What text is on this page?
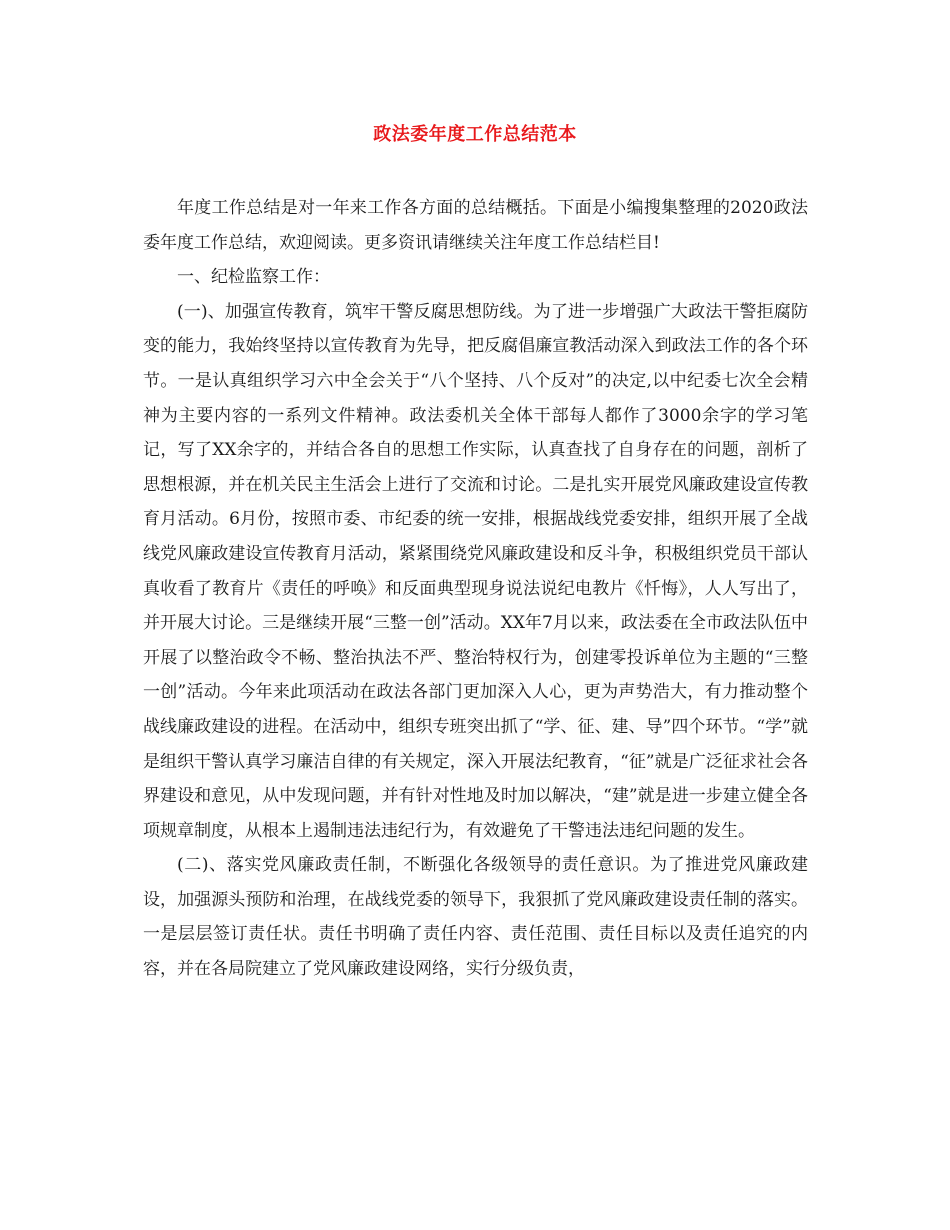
政法委年度工作总结范本

年度工作总结是对一年来工作各方面的总结概括。下面是小编搜集整理的2020政法委年度工作总结，欢迎阅读。更多资讯请继续关注年度工作总结栏目!

一、纪检监察工作：

(一)、加强宣传教育，筑牢干警反腐思想防线。为了进一步增强广大政法干警拒腐防变的能力，我始终坚持以宣传教育为先导，把反腐倡廉宣教活动深入到政法工作的各个环节。一是认真组织学习六中全会关于“八个坚持、八个反对”的决定,以中纪委七次全会精神为主要内容的一系列文件精神。政法委机关全体干部每人都作了3000余字的学习笔记，写了XX余字的，并结合各自的思想工作实际，认真查找了自身存在的问题，剖析了思想根源，并在机关民主生活会上进行了交流和讨论。二是扎实开展党风廉政建设宣传教育月活动。6月份，按照市委、市纪委的统一安排，根据战线党委安排，组织开展了全战线党风廉政建设宣传教育月活动，紧紧围绕党风廉政建设和反斗争，积极组织党员干部认真收看了教育片《责任的呼唤》和反面典型现身说法说纪电教片《忏悔》，人人写出了，并开展大讨论。三是继续开展“三整一创”活动。XX年7月以来，政法委在全市政法队伍中开展了以整治政令不畅、整治执法不严、整治特权行为，创建零投诉单位为主题的“三整一创”活动。今年来此项活动在政法各部门更加深入人心，更为声势浩大，有力推动整个战线廉政建设的进程。在活动中，组织专班突出抓了“学、征、建、导”四个环节。“学”就是组织干警认真学习廉洁自律的有关规定，深入开展法纪教育，“征”就是广泛征求社会各界建设和意见，从中发现问题，并有针对性地及时加以解决，“建”就是进一步建立健全各项规章制度，从根本上遏制违法违纪行为，有效避免了干警违法违纪问题的发生。

(二)、落实党风廉政责任制，不断强化各级领导的责任意识。为了推进党风廉政建设，加强源头预防和治理，在战线党委的领导下，我狠抓了党风廉政建设责任制的落实。一是层层签订责任状。责任书明确了责任内容、责任范围、责任目标以及责任追究的内容，并在各局院建立了党风廉政建设网络，实行分级负责，
